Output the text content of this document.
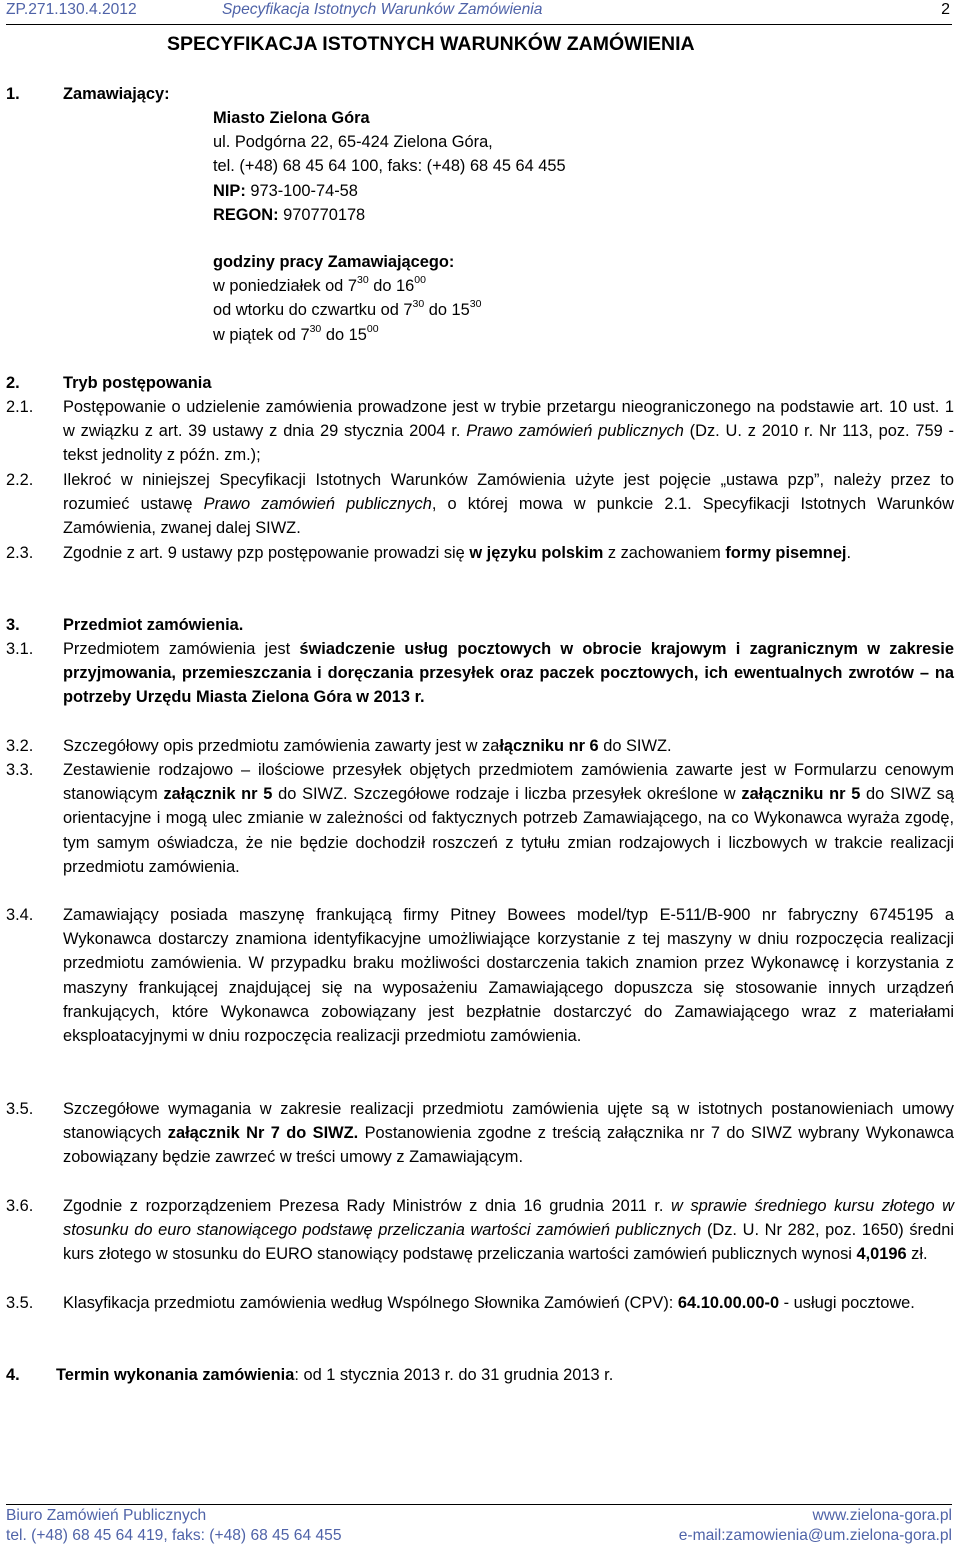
ZP.271.130.4.2012	Specyfikacja Istotnych Warunków Zamówienia	2
SPECYFIKACJA ISTOTNYCH WARUNKÓW ZAMÓWIENIA
1.	Zamawiający:
Miasto Zielona Góra
ul. Podgórna 22, 65-424 Zielona Góra,
tel. (+48) 68 45 64 100, faks: (+48) 68 45 64 455
NIP: 973-100-74-58
REGON: 970770178
godziny pracy Zamawiającego:
w poniedziałek od $7^{30}$ do $16^{00}$
od wtorku do czwartku od $7^{30}$ do $15^{30}$
w piątek od $7^{30}$ do $15^{00}$
2.	Tryb postępowania
2.1. Postępowanie o udzielenie zamówienia prowadzone jest w trybie przetargu nieograniczonego na podstawie art. 10 ust. 1 w związku z art. 39 ustawy z dnia 29 stycznia 2004 r. Prawo zamówień publicznych (Dz. U. z 2010 r. Nr 113, poz. 759 - tekst jednolity z późn. zm.);
2.2. Ilekroć w niniejszej Specyfikacji Istotnych Warunków Zamówienia użyte jest pojęcie „ustawa pzp”, należy przez to rozumieć ustawę Prawo zamówień publicznych, o której mowa w punkcie 2.1. Specyfikacji Istotnych Warunków Zamówienia, zwanej dalej SIWZ.
2.3. Zgodnie z art. 9 ustawy pzp postępowanie prowadzi się w języku polskim z zachowaniem formy pisemnej.
3.	Przedmiot zamówienia.
3.1. Przedmiotem zamówienia jest świadczenie usług pocztowych w obrocie krajowym i zagranicznym w zakresie przyjmowania, przemieszczania i doręczania przesyłek oraz paczek pocztowych, ich ewentualnych zwrotów – na potrzeby Urzędu Miasta Zielona Góra w 2013 r.
3.2. Szczegółowy opis przedmiotu zamówienia zawarty jest w załączniku nr 6 do SIWZ.
3.3. Zestawienie rodzajowo – ilościowe przesyłek objętych przedmiotem zamówienia zawarte jest w Formularzu cenowym stanowiącym załącznik nr 5 do SIWZ. Szczegółowe rodzaje i liczba przesyłek określone w załączniku nr 5 do SIWZ są orientacyjne i mogą ulec zmianie w zależności od faktycznych potrzeb Zamawiającego, na co Wykonawca wyraża zgodę, tym samym oświadcza, że nie będzie dochodził roszczeń z tytułu zmian rodzajowych i liczbowych w trakcie realizacji przedmiotu zamówienia.
3.4. Zamawiający posiada maszynę frankującą firmy Pitney Bowees model/typ E-511/B-900 nr fabryczny 6745195 a Wykonawca dostarczy znamiona identyfikacyjne umożliwiające korzystanie z tej maszyny w dniu rozpoczęcia realizacji przedmiotu zamówienia. W przypadku braku możliwości dostarczenia takich znamion przez Wykonawcę i korzystania z maszyny frankującej znajdującej się na wyposażeniu Zamawiającego dopuszcza się stosowanie innych urządzeń frankujących, które Wykonawca zobowiązany jest bezpłatnie dostarczyć do Zamawiającego wraz z materiałami eksploatacyjnymi w dniu rozpoczęcia realizacji przedmiotu zamówienia.
3.5. Szczegółowe wymagania w zakresie realizacji przedmiotu zamówienia ujęte są w istotnych postanowieniach umowy stanowiących załącznik Nr 7 do SIWZ. Postanowienia zgodne z treścią załącznika nr 7 do SIWZ wybrany Wykonawca zobowiązany będzie zawrzeć w treści umowy z Zamawiającym.
3.6. Zgodnie z rozporządzeniem Prezesa Rady Ministrów z dnia 16 grudnia 2011 r. w sprawie średniego kursu złotego w stosunku do euro stanowiącego podstawę przeliczania wartości zamówień publicznych (Dz. U. Nr 282, poz. 1650) średni kurs złotego w stosunku do EURO stanowiący podstawę przeliczania wartości zamówień publicznych wynosi 4,0196 zł.
3.5. Klasyfikacja przedmiotu zamówienia według Wspólnego Słownika Zamówień (CPV): 64.10.00.00-0 - usługi pocztowe.
4. Termin wykonania zamówienia: od 1 stycznia 2013 r. do 31 grudnia 2013 r.
Biuro Zamówień Publicznych
tel. (+48) 68 45 64 419, faks: (+48) 68 45 64 455
www.zielona-gora.pl
e-mail:zamowienia@um.zielona-gora.pl
